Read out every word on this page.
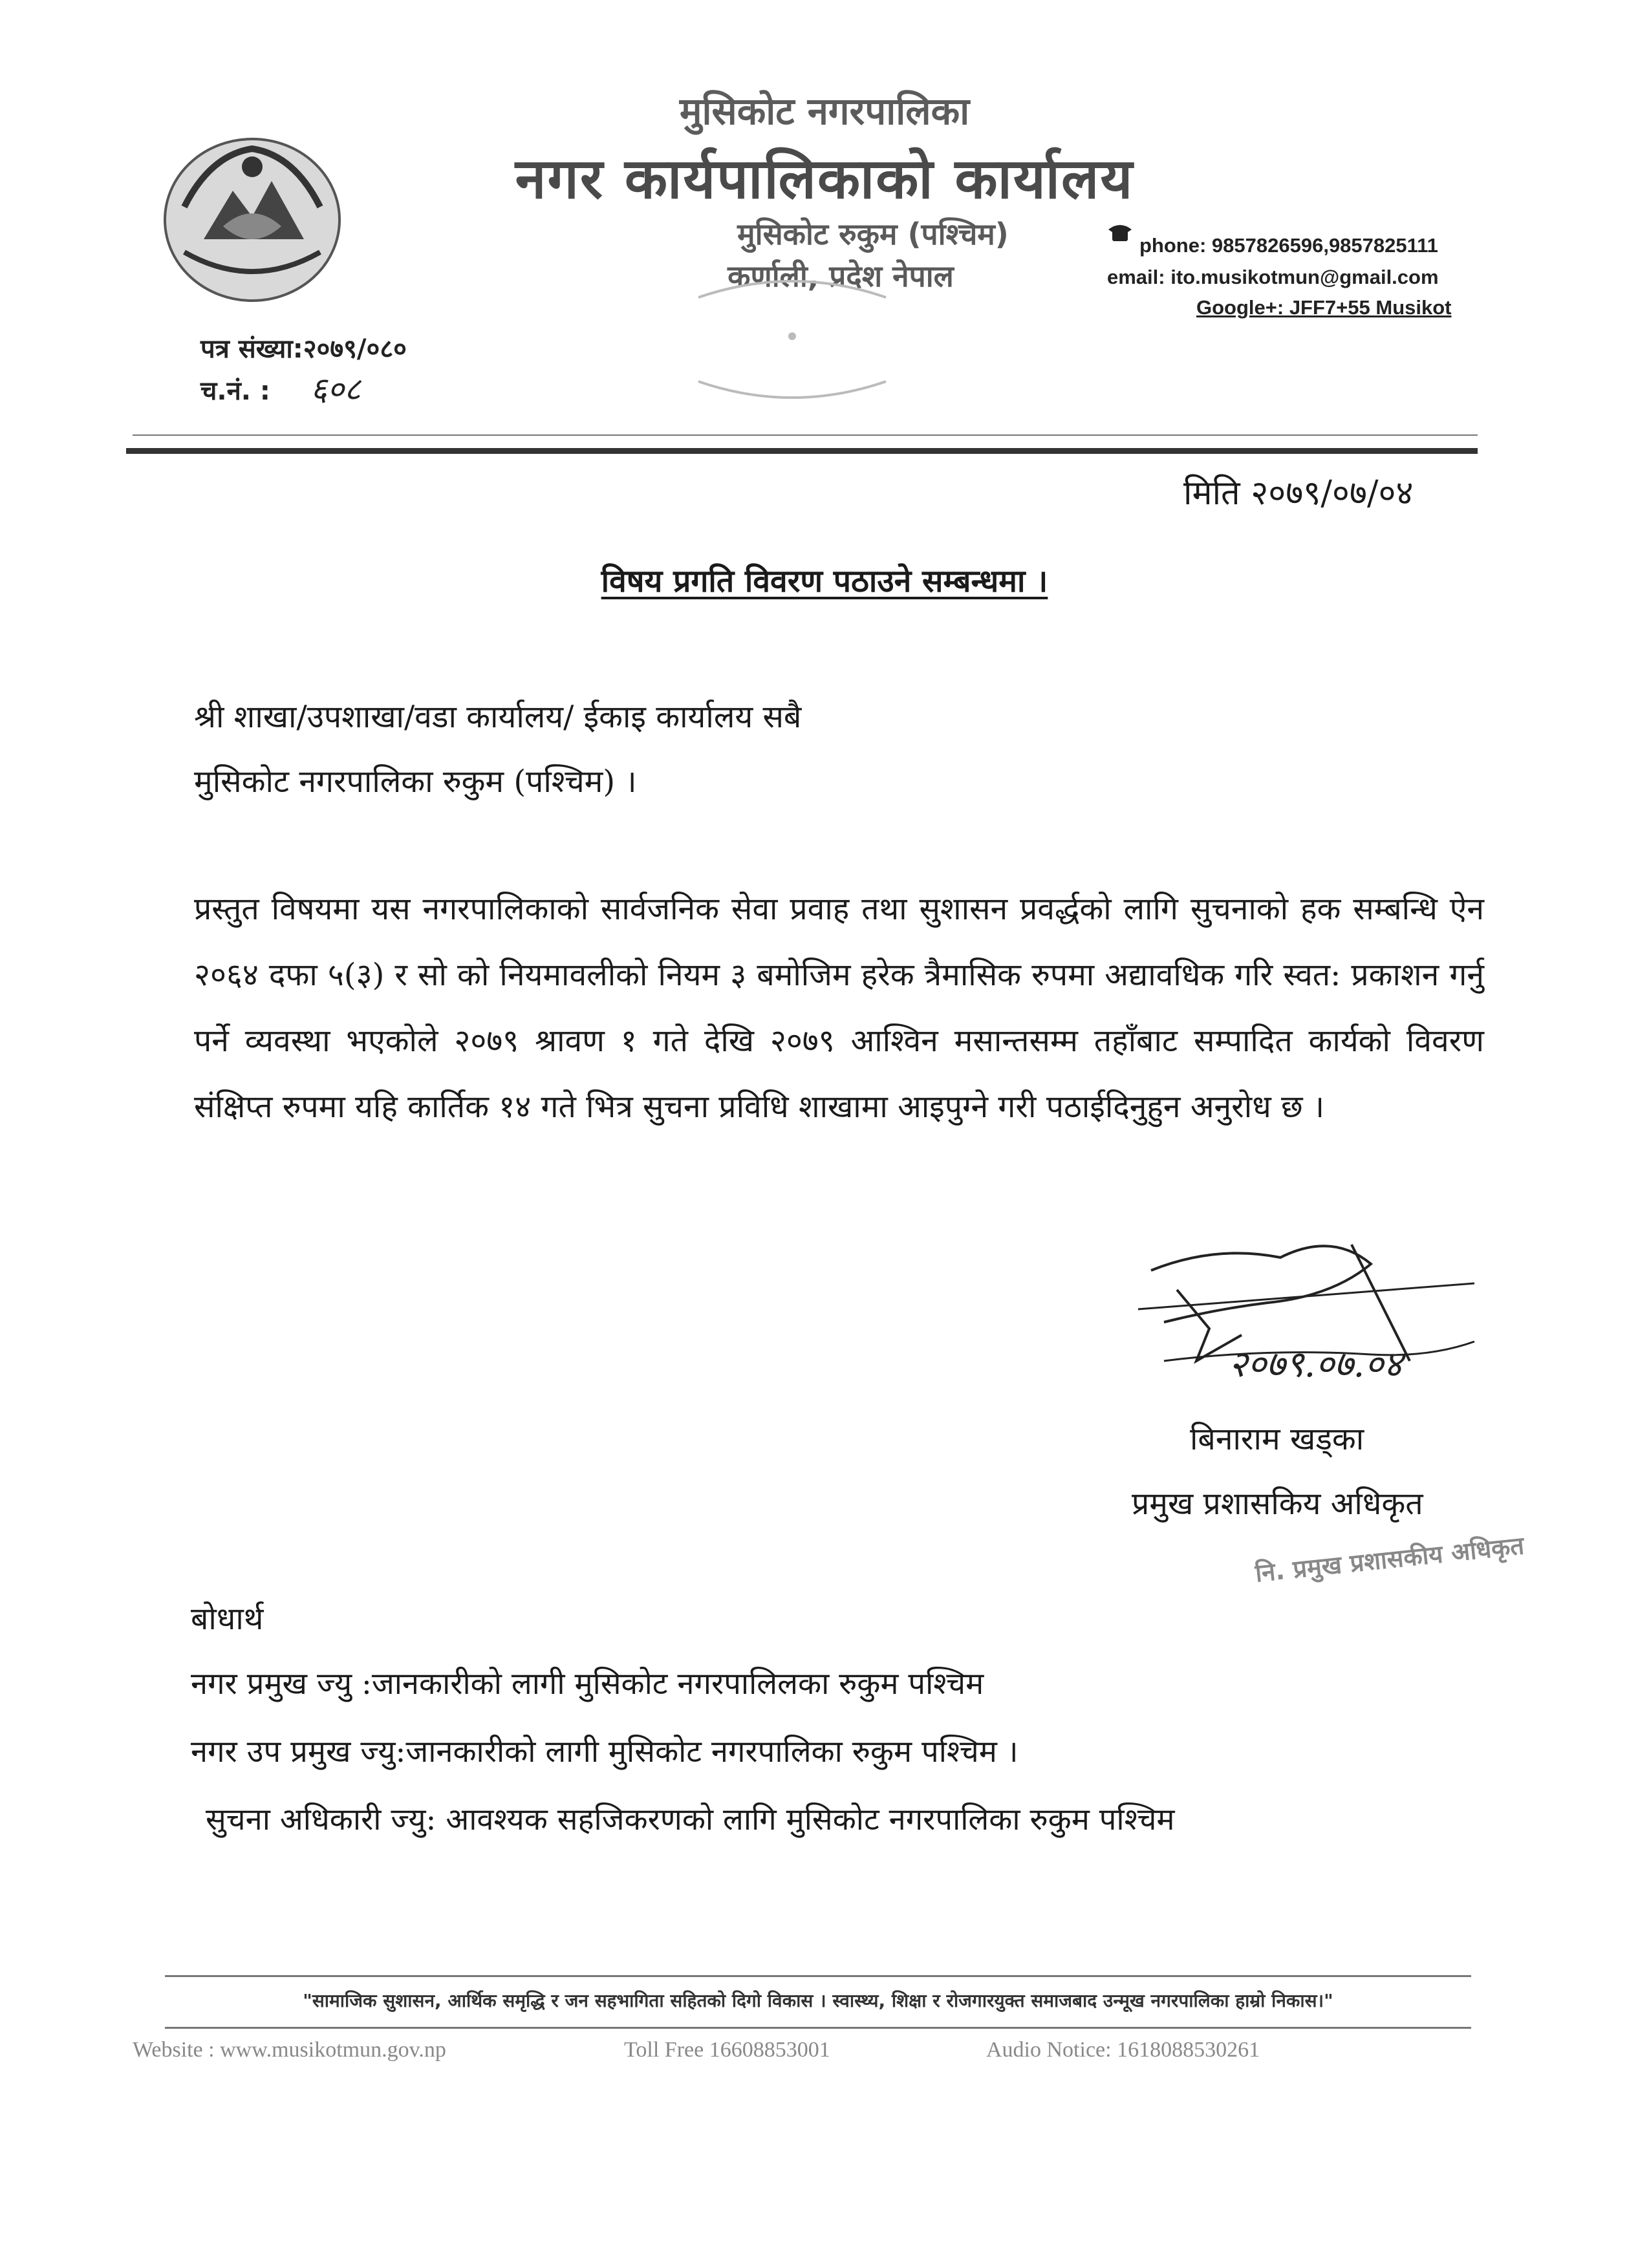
मुसिकोट नगरपालिका
नगर कार्यपालिकाको कार्यालय
मुसिकोट रुकुम (पश्चिम)
कर्णाली, प्रदेश नेपाल
phone: 9857826596,9857825111
email: ito.musikotmun@gmail.com
Google+: JFF7+55 Musikot
पत्र संख्या:२०७९/०८०
च.नं. : ६०८
मिति २०७९/०७/०४
विषय प्रगति विवरण पठाउने सम्बन्धमा ।
श्री शाखा/उपशाखा/वडा कार्यालय/ ईकाइ कार्यालय सबै
मुसिकोट नगरपालिका रुकुम (पश्चिम) ।
प्रस्तुत विषयमा यस नगरपालिकाको सार्वजनिक सेवा प्रवाह तथा सुशासन प्रवर्द्धको लागि सुचनाको हक सम्बन्धि ऐन २०६४ दफा ५(३) र सो को नियमावलीको नियम ३ बमोजिम हरेक त्रैमासिक रुपमा अद्यावधिक गरि स्वत: प्रकाशन गर्नु पर्ने व्यवस्था भएकोले २०७९ श्रावण १ गते देखि २०७९ आश्विन मसान्तसम्म तहाँबाट सम्पादित कार्यको विवरण संक्षिप्त रुपमा यहि कार्तिक १४ गते भित्र सुचना प्रविधि शाखामा आइपुग्ने गरी पठाईदिनुहुन अनुरोध छ ।
२०७९.०७.०४
बिनाराम खड्का
प्रमुख प्रशासकिय अधिकृत
नि. प्रमुख प्रशासकीय अधिकृत
बोधार्थ
नगर प्रमुख ज्यु :जानकारीको लागी मुसिकोट नगरपालिलका रुकुम पश्चिम
नगर उप प्रमुख ज्यु:जानकारीको लागी मुसिकोट नगरपालिका रुकुम पश्चिम ।
सुचना अधिकारी ज्यु: आवश्यक सहजिकरणको लागि मुसिकोट नगरपालिका रुकुम पश्चिम
"सामाजिक सुशासन, आर्थिक समृद्धि र जन सहभागिता सहितको दिगो विकास । स्वास्थ्य, शिक्षा र रोजगारयुक्त समाजबाद उन्मूख नगरपालिका हाम्रो निकास।"
Website : www.musikotmun.gov.np	Toll Free 16608853001	Audio Notice: 1618088530261
